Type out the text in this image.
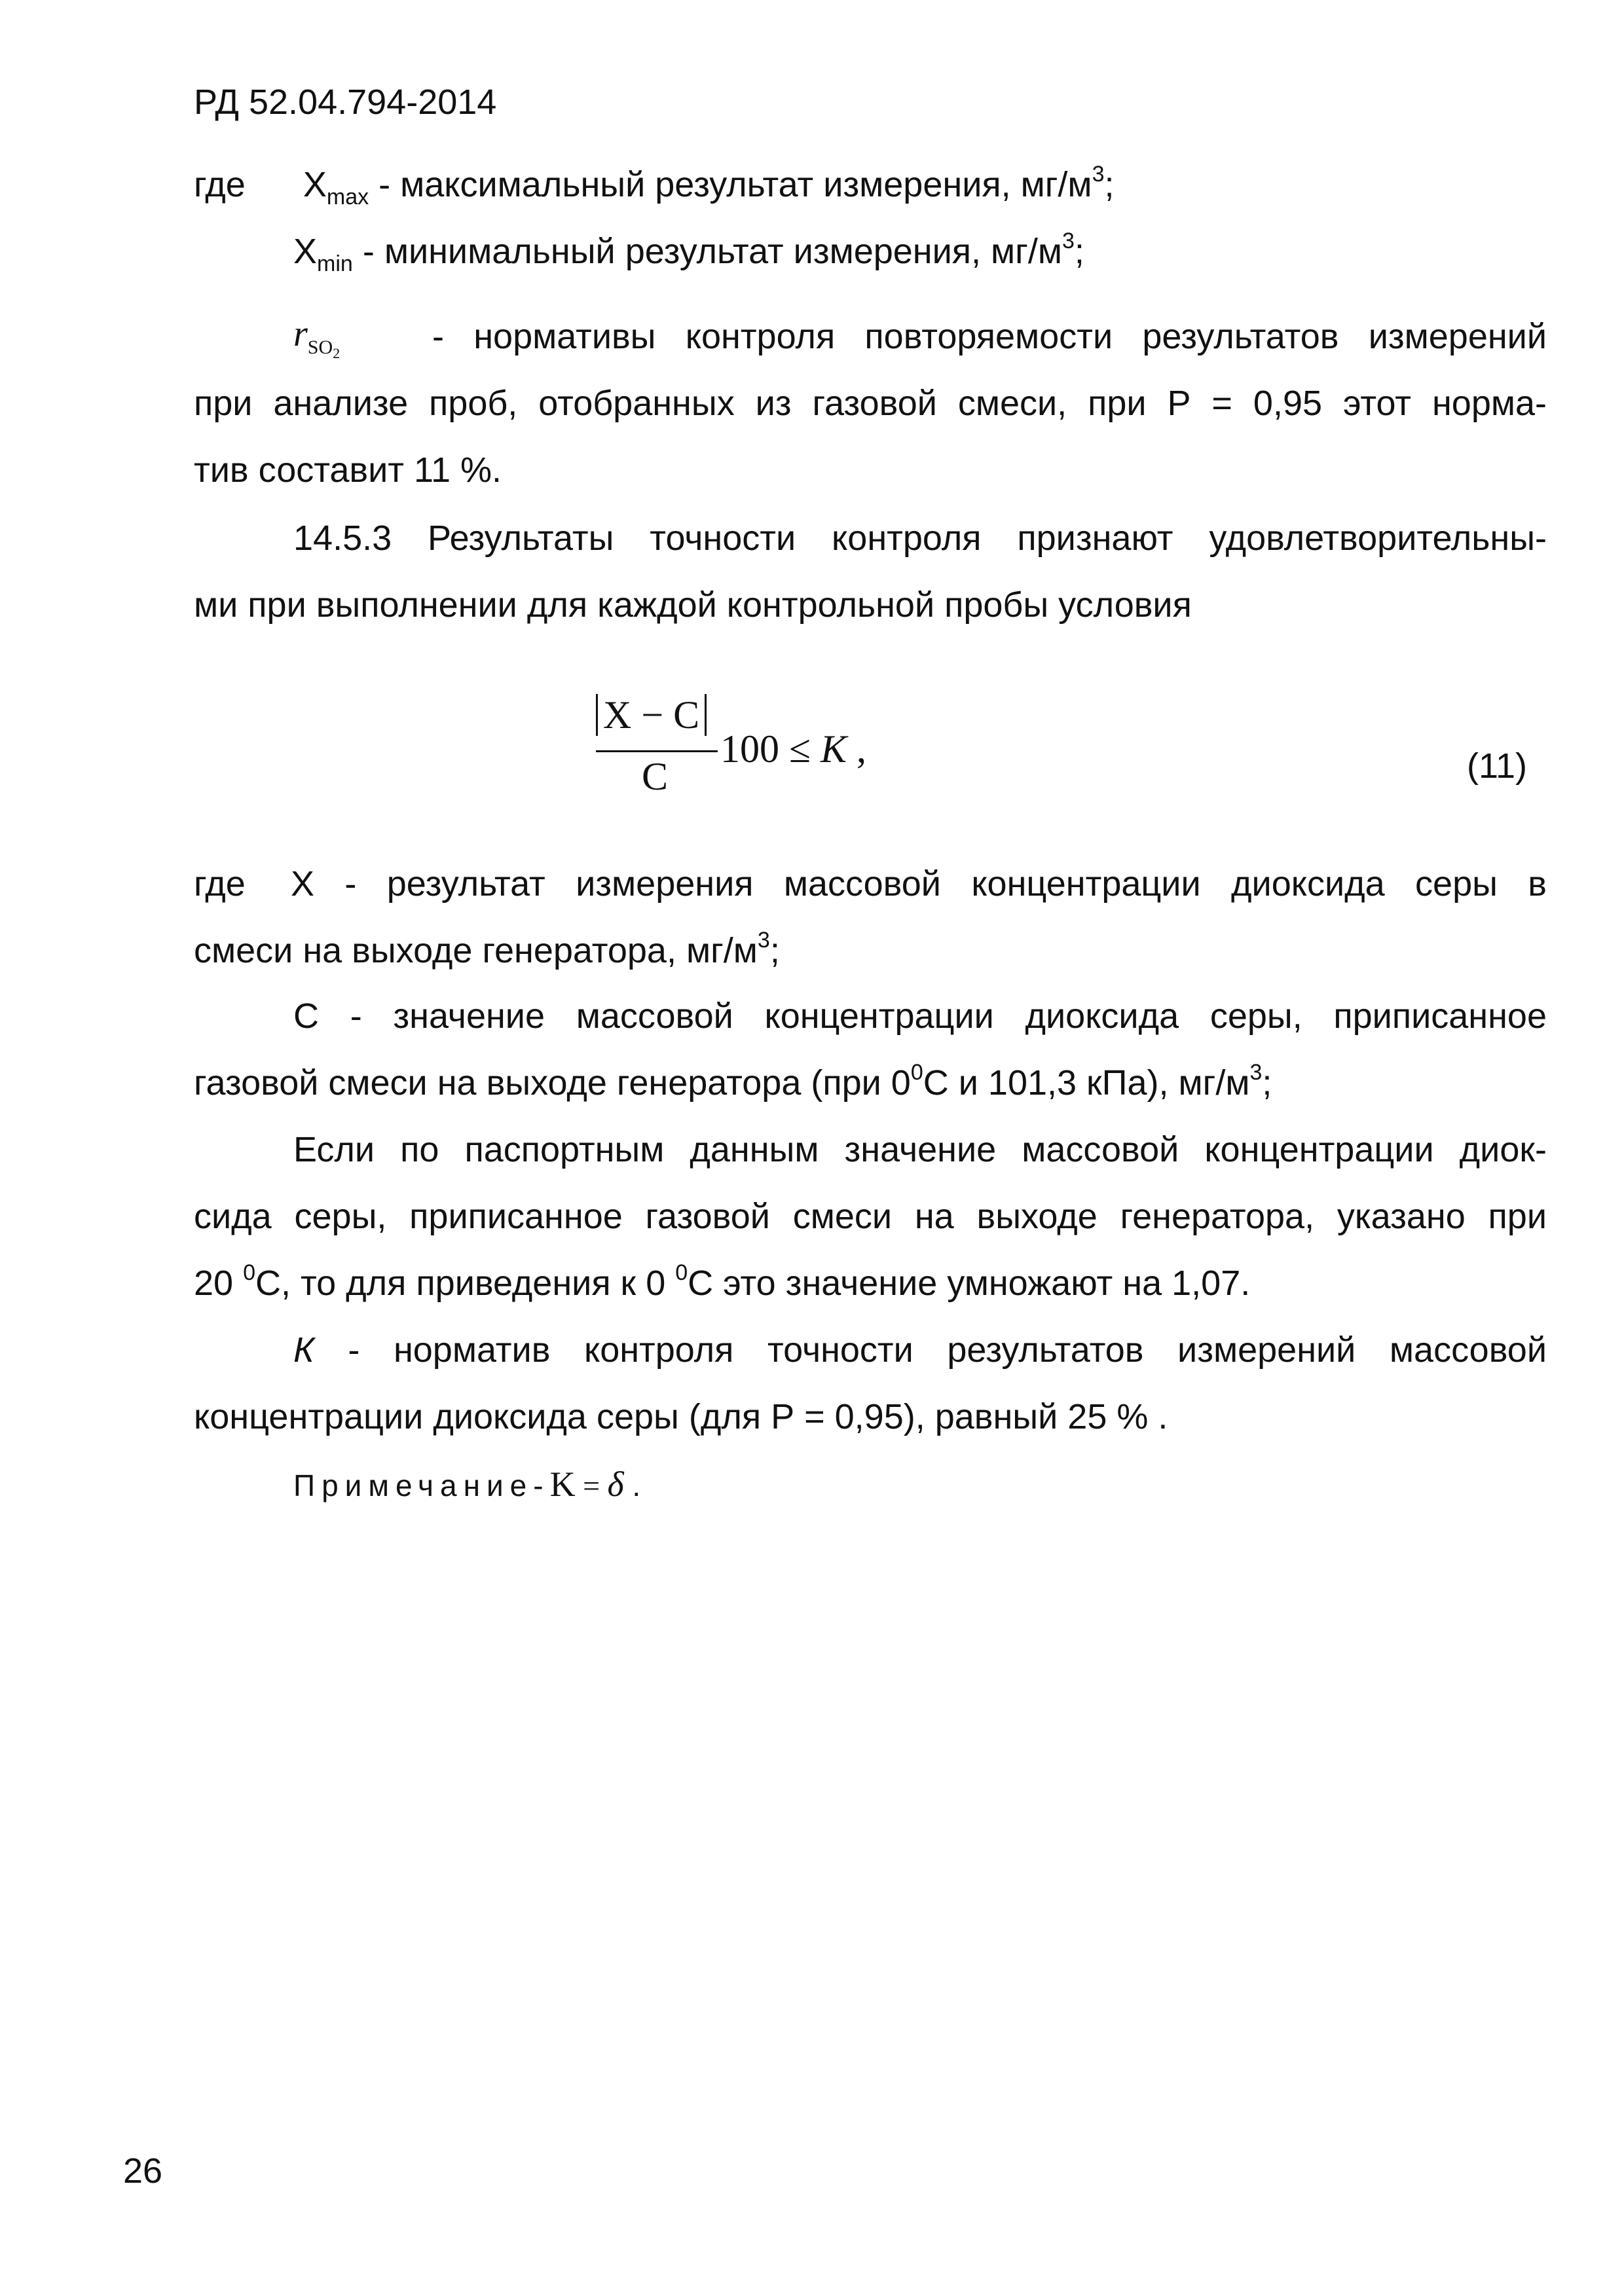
РД 52.04.794-2014
где $X_{max}$ - максимальный результат измерения, $мг/м^3$;
$X_{min}$ - минимальный результат измерения, $мг/м^3$;
$r_{SO_2}$	- нормативы контроля повторяемости результатов измерений
при анализе проб, отобранных из газовой смеси, при Р = 0,95 этот норма-
тив составит 11 %.
14.5.3 Результаты точности контроля признают удовлетворительны-
ми при выполнении для каждой контрольной пробы условия
X − C
C
100 ≤ K ,	(11)
где X - результат измерения массовой концентрации диоксида серы в
смеси на выходе генератора, $мг/м^3$;
С - значение массовой концентрации диоксида серы, приписанное
газовой смеси на выходе генератора (при $0^0С$ и 101,3 кПа), $мг/м^3$;
Если по паспортным данным значение массовой концентрации диок-
сида серы, приписанное газовой смеси на выходе генератора, указано при
20 $^0$С, то для приведения к 0 $^0$С это значение умножают на 1,07.
К - норматив контроля точности результатов измерений массовой
концентрации диоксида серы (для Р = 0,95), равный 25 % .
Примечание-K = δ .
26
